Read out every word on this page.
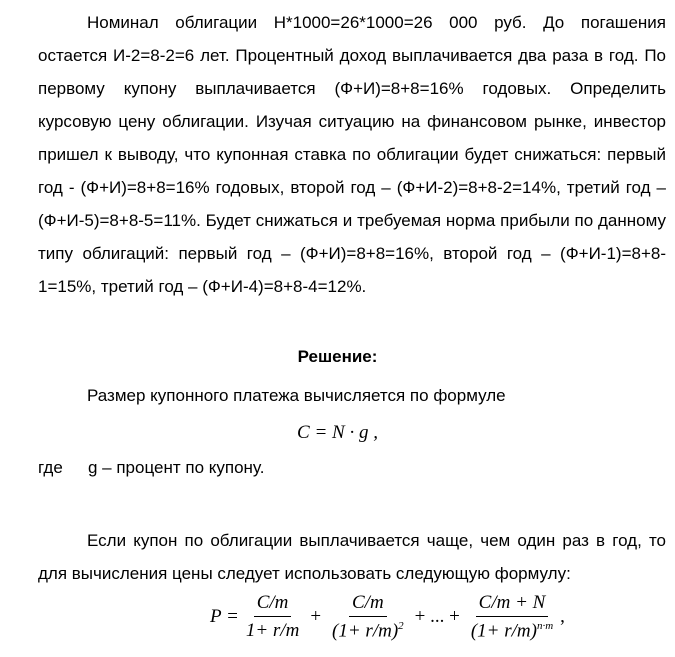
Номинал облигации Н*1000=26*1000=26 000 руб. До погашения остается И-2=8-2=6 лет. Процентный доход выплачивается два раза в год. По первому купону выплачивается (Ф+И)=8+8=16% годовых. Определить курсовую цену облигации. Изучая ситуацию на финансовом рынке, инвестор пришел к выводу, что купонная ставка по облигации будет снижаться: первый год - (Ф+И)=8+8=16% годовых, второй год – (Ф+И-2)=8+8-2=14%, третий год – (Ф+И-5)=8+8-5=11%. Будет снижаться и требуемая норма прибыли по данному типу облигаций: первый год – (Ф+И)=8+8=16%, второй год – (Ф+И-1)=8+8-1=15%, третий год – (Ф+И-4)=8+8-4=12%.
Решение:
Размер купонного платежа вычисляется по формуле
C = N · g ,
где g – процент по купону.
Если купон по облигации выплачивается чаще, чем один раз в год, то для вычисления цены следует использовать следующую формулу:
$P = \frac{C/m}{1+ r/m} + \frac{C/m}{(1+ r/m)^2}$ + ... + $\frac{C/m + N}{(1+ r/m)^{n\cdot m}}$ ,
